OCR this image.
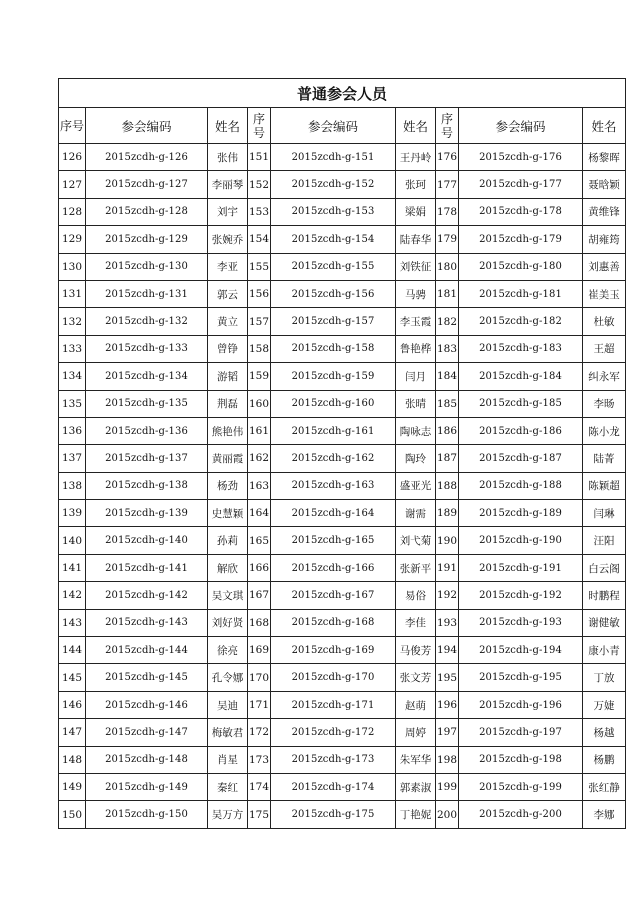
普通参会人员								
序号	参会编码	姓名	序号	参会编码	姓名	序号	参会编码	姓名
126	2015zcdh-g-126	张伟	151	2015zcdh-g-151	王丹岭	176	2015zcdh-g-176	杨黎晖
127	2015zcdh-g-127	李丽琴	152	2015zcdh-g-152	张珂	177	2015zcdh-g-177	聂晗颖
128	2015zcdh-g-128	刘宇	153	2015zcdh-g-153	梁娟	178	2015zcdh-g-178	黄维锋
129	2015zcdh-g-129	张婉乔	154	2015zcdh-g-154	陆春华	179	2015zcdh-g-179	胡雍筠
130	2015zcdh-g-130	李亚	155	2015zcdh-g-155	刘铁征	180	2015zcdh-g-180	刘惠善
131	2015zcdh-g-131	郭云	156	2015zcdh-g-156	马骋	181	2015zcdh-g-181	崔美玉
132	2015zcdh-g-132	黄立	157	2015zcdh-g-157	李玉霞	182	2015zcdh-g-182	杜敏
133	2015zcdh-g-133	曾铮	158	2015zcdh-g-158	鲁艳桦	183	2015zcdh-g-183	王超
134	2015zcdh-g-134	游韬	159	2015zcdh-g-159	闫月	184	2015zcdh-g-184	纠永军
135	2015zcdh-g-135	荆磊	160	2015zcdh-g-160	张晴	185	2015zcdh-g-185	李旸
136	2015zcdh-g-136	熊艳伟	161	2015zcdh-g-161	陶咏志	186	2015zcdh-g-186	陈小龙
137	2015zcdh-g-137	黄丽霞	162	2015zcdh-g-162	陶玲	187	2015zcdh-g-187	陆菁
138	2015zcdh-g-138	杨劲	163	2015zcdh-g-163	盛亚光	188	2015zcdh-g-188	陈颖超
139	2015zcdh-g-139	史慧颖	164	2015zcdh-g-164	谢需	189	2015zcdh-g-189	闫琳
140	2015zcdh-g-140	孙莉	165	2015zcdh-g-165	刘弋菊	190	2015zcdh-g-190	汪阳
141	2015zcdh-g-141	解欣	166	2015zcdh-g-166	张新平	191	2015zcdh-g-191	白云阁
142	2015zcdh-g-142	吴文琪	167	2015zcdh-g-167	易俗	192	2015zcdh-g-192	时鹏程
143	2015zcdh-g-143	刘好贤	168	2015zcdh-g-168	李佳	193	2015zcdh-g-193	谢健敏
144	2015zcdh-g-144	徐亮	169	2015zcdh-g-169	马俊芳	194	2015zcdh-g-194	康小青
145	2015zcdh-g-145	孔令娜	170	2015zcdh-g-170	张文芳	195	2015zcdh-g-195	丁放
146	2015zcdh-g-146	吴迪	171	2015zcdh-g-171	赵萌	196	2015zcdh-g-196	万婕
147	2015zcdh-g-147	梅敏君	172	2015zcdh-g-172	周婷	197	2015zcdh-g-197	杨越
148	2015zcdh-g-148	肖星	173	2015zcdh-g-173	朱军华	198	2015zcdh-g-198	杨鹏
149	2015zcdh-g-149	秦红	174	2015zcdh-g-174	郭素淑	199	2015zcdh-g-199	张红静
150	2015zcdh-g-150	吴万方	175	2015zcdh-g-175	丁艳妮	200	2015zcdh-g-200	李娜
